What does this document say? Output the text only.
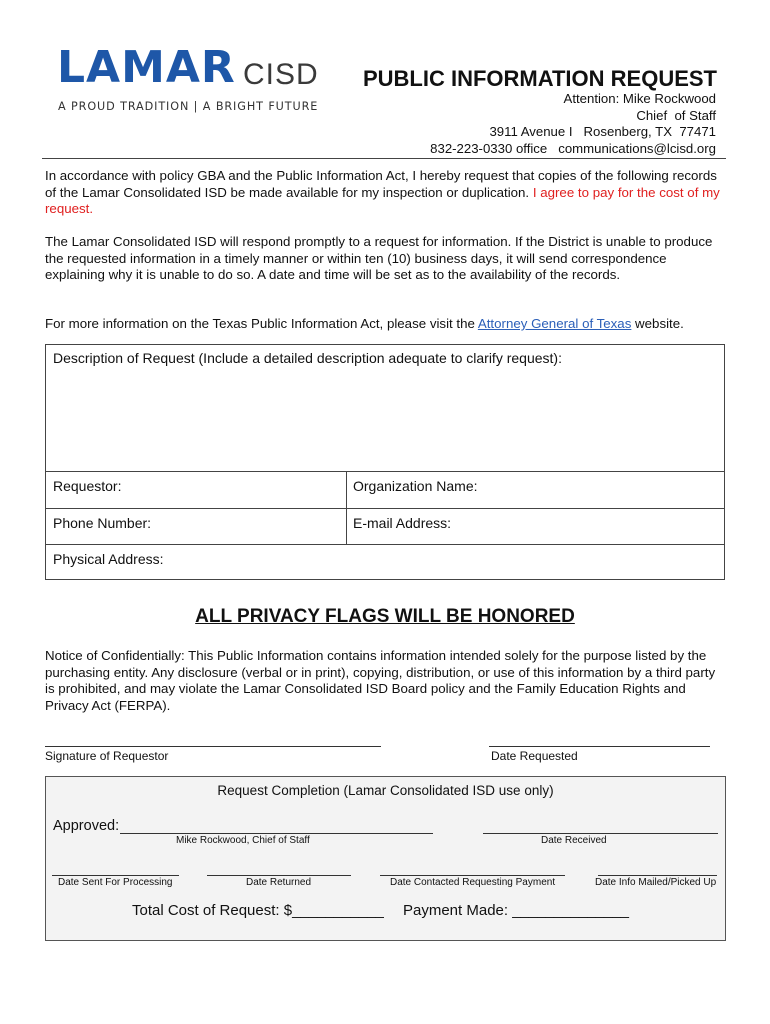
LAMAR CISD
A PROUD TRADITION | A BRIGHT FUTURE
PUBLIC INFORMATION REQUEST
Attention: Mike Rockwood
Chief  of Staff
3911 Avenue I   Rosenberg, TX  77471
832-223-0330 office   communications@lcisd.org
In accordance with policy GBA and the Public Information Act, I hereby request that copies of the following records of the Lamar Consolidated ISD be made available for my inspection or duplication. I agree to pay for the cost of my request.
The Lamar Consolidated ISD will respond promptly to a request for information. If the District is unable to produce the requested information in a timely manner or within ten (10) business days, it will send correspondence explaining why it is unable to do so. A date and time will be set as to the availability of the records.
For more information on the Texas Public Information Act, please visit the Attorney General of Texas website.
Description of Request (Include a detailed description adequate to clarify request):
Requestor:	Organization Name:
Phone Number:	E-mail Address:
Physical Address:
ALL PRIVACY FLAGS WILL BE HONORED
Notice of Confidentially: This Public Information contains information intended solely for the purpose listed by the purchasing entity. Any disclosure (verbal or in print), copying, distribution, or use of this information by a third party is prohibited, and may violate the Lamar Consolidated ISD Board policy and the Family Education Rights and Privacy Act (FERPA).
Signature of Requestor	Date Requested
Request Completion (Lamar Consolidated ISD use only)
Approved:
Mike Rockwood, Chief of Staff	Date Received
Date Sent For Processing	Date Returned	Date Contacted Requesting Payment	Date Info Mailed/Picked Up
Total Cost of Request: $___________ Payment Made: ______________
